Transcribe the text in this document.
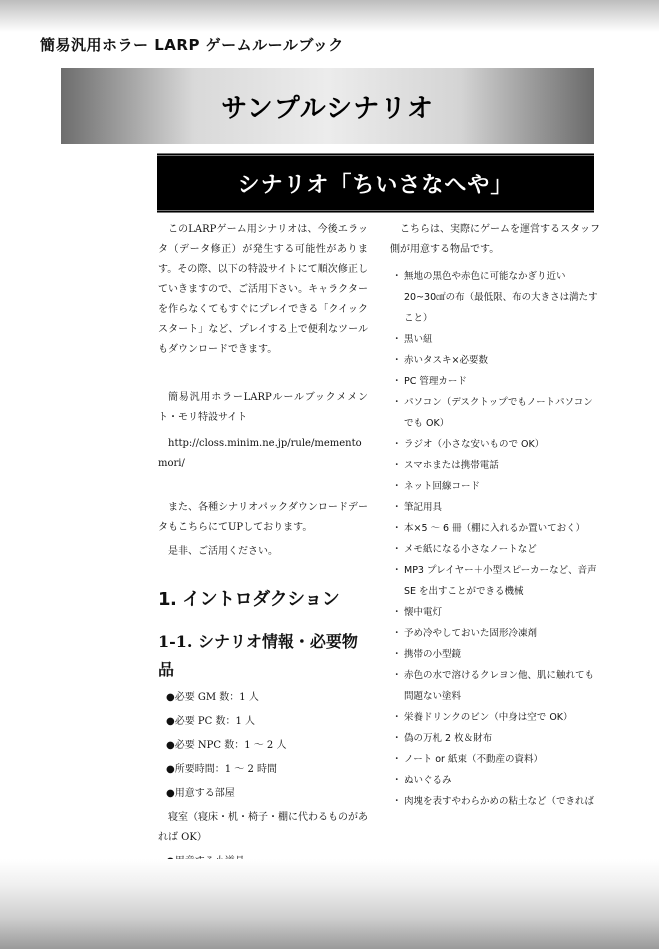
簡易汎用ホラー LARP ゲームルールブック
サンプルシナリオ
シナリオ「ちいさなへや」

このLARPゲーム用シナリオは、今後エラッタ（データ修正）が発生する可能性があります。その際、以下の特設サイトにて順次修正していきますので、ご活用下さい。キャラクターを作らなくてもすぐにプレイできる「クイックスタート」など、プレイする上で便利なツールもダウンロードできます。

簡易汎用ホラーLARPルールブックメメント・モリ特設サイト

http://closs.minim.ne.jp/rule/mementomori/

また、各種シナリオパックダウンロードデータもこちらにてUPしております。

是非、ご活用ください。

1. イントロダクション
1-1. シナリオ情報・必要物品
●必要 GM 数：1 人
●必要 PC 数：1 人
●必要 NPC 数：1 〜 2 人
●所要時間：1 〜 2 時間
●用意する部屋

寝室（寝床・机・椅子・棚に代わるものがあれば OK）

こちらは、実際にゲームを運営するスタッフ側が用意する物品です。

・ 無地の黒色や赤色に可能なかぎり近い 20~30㎠の布（最低限、布の大きさは満たすこと）
・ 黒い紐
・ 赤いタスキ×必要数
・ PC 管理カード
・ パソコン（デスクトップでもノートパソコンでも OK）
・ ラジオ（小さな安いもので OK）
・ スマホまたは携帯電話
・ ネット回線コード
・ 筆記用具
・ 本×5 〜 6 冊（棚に入れるか置いておく）
・ メモ紙になる小さなノートなど
・ MP3 プレイヤー＋小型スピーカーなど、音声 SE を出すことができる機械
・ 懐中電灯
・ 予め冷やしておいた固形冷凍剤
・ 携帯の小型鏡
・ 赤色の水で溶けるクレヨン他、肌に触れても問題ない塗料
・ 栄養ドリンクのビン（中身は空で OK）
・ 偽の万札 2 枚＆財布
・ ノート or 紙束（不動産の資料）
・ ぬいぐるみ
・ 肉塊を表すやわらかめの粘土など（できれば
